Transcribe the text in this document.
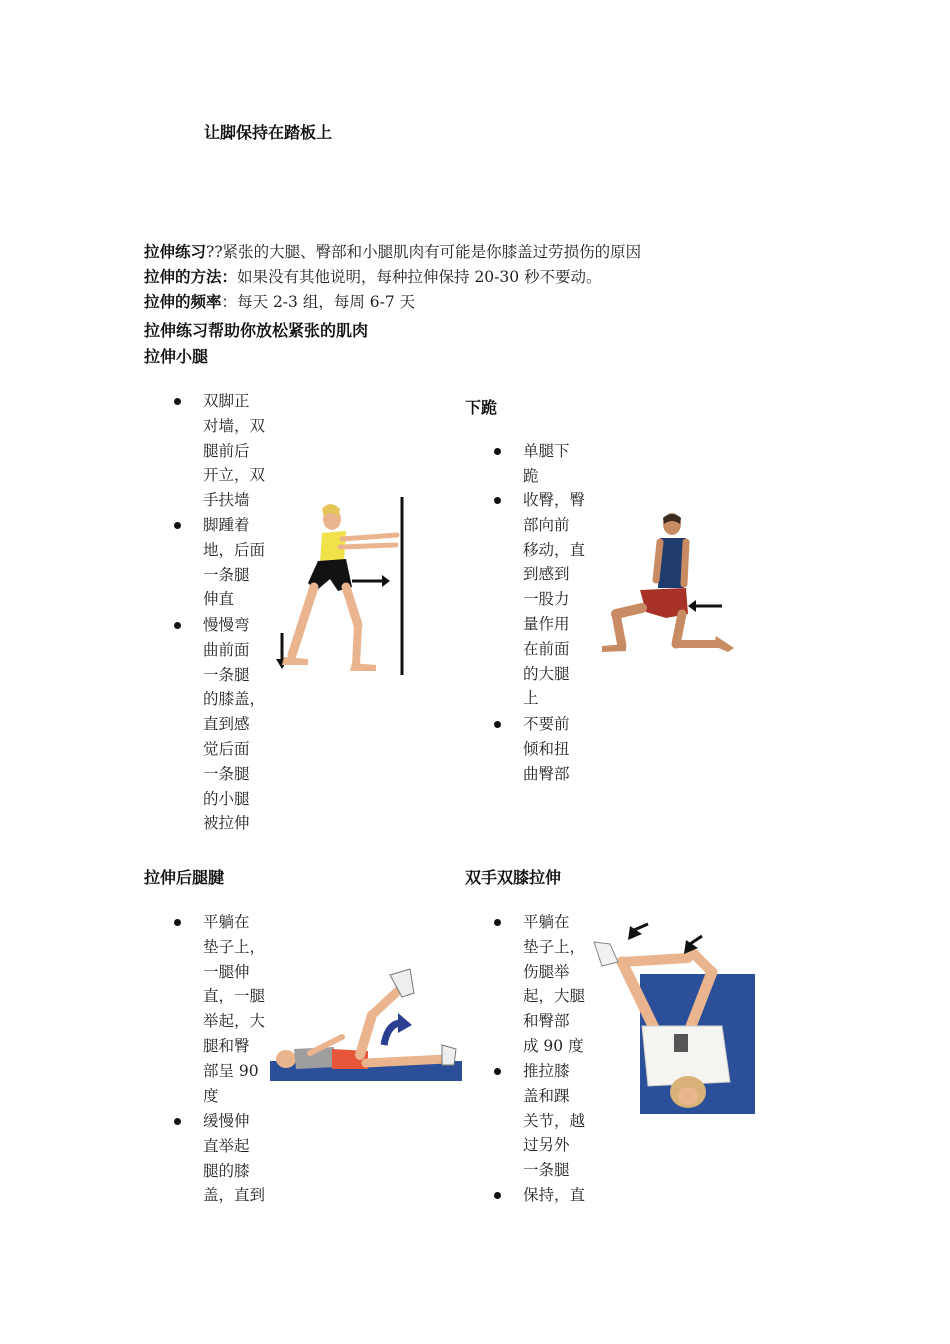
让脚保持在踏板上
拉伸练习??紧张的大腿、臀部和小腿肌肉有可能是你膝盖过劳损伤的原因
拉伸的方法：如果没有其他说明，每种拉伸保持 20-30 秒不要动。
拉伸的频率：每天 2-3 组，每周 6-7 天
拉伸练习帮助你放松紧张的肌肉
拉伸小腿

双脚正

对墙，双

腿前后

开立，双

手扶墙

脚踵着

地，后面

一条腿

伸直

慢慢弯

曲前面

一条腿

的膝盖，

直到感

觉后面

一条腿

的小腿

被拉伸

下跪

单腿下

跪

收臀，臀

部向前

移动，直

到感到

一股力

量作用

在前面

的大腿

上

不要前

倾和扭

曲臀部

拉伸后腿腱

平躺在

垫子上，

一腿伸

直，一腿

举起，大

腿和臀

部呈 90

度

缓慢伸

直举起

腿的膝

盖，直到

双手双膝拉伸

平躺在

垫子上，

伤腿举

起，大腿

和臀部

成 90 度

推拉膝

盖和踝

关节，越

过另外

一条腿

保持，直
